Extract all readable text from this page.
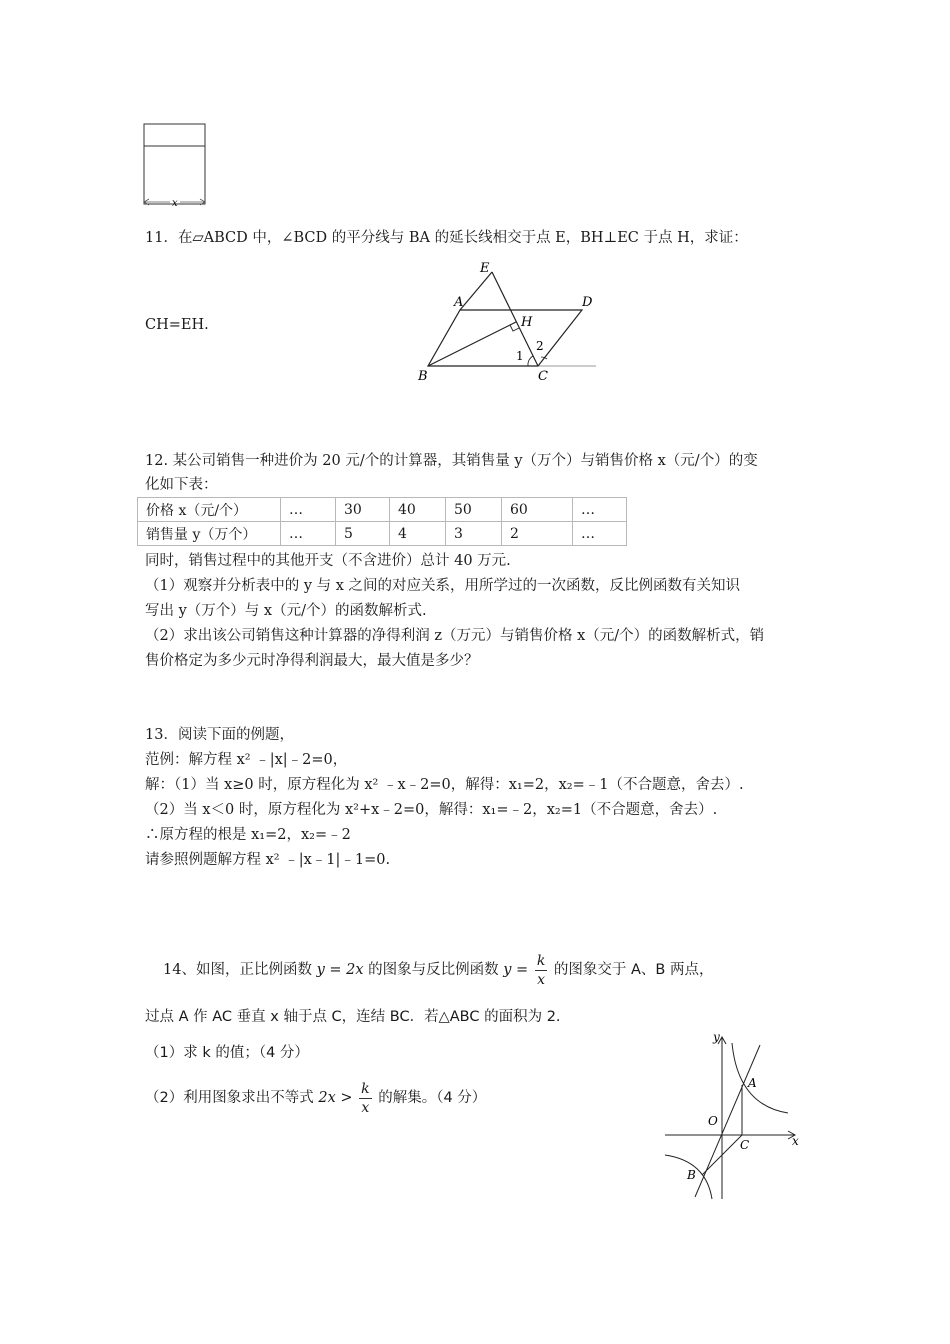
x
11．在▱ABCD 中，∠BCD 的平分线与 BA 的延长线相交于点 E，BH⊥EC 于点 H，求证：
CH=EH.
E
A	D
H
B	C
1
2
12. 某公司销售一种进价为 20 元/个的计算器，其销售量 y（万个）与销售价格 x（元/个）的变
化如下表：
价格 x（元/个）	…	30	40	50	60	…
销售量 y（万个）	…	5	4	3	2	…
同时，销售过程中的其他开支（不含进价）总计 40 万元.
（1）观察并分析表中的 y 与 x 之间的对应关系，用所学过的一次函数，反比例函数有关知识
写出 y（万个）与 x（元/个）的函数解析式.
（2）求出该公司销售这种计算器的净得利润 z（万元）与销售价格 x（元/个）的函数解析式，销
售价格定为多少元时净得利润最大，最大值是多少？
13．阅读下面的例题，
范例：解方程 x² ﹣|x|﹣2=0，
解：（1）当 x≥0 时，原方程化为 x² ﹣x﹣2=0，解得：x₁=2，x₂=﹣1（不合题意，舍去）.
（2）当 x＜0 时，原方程化为 x²+x﹣2=0，解得：x₁=﹣2，x₂=1（不合题意，舍去）.
∴原方程的根是 x₁=2，x₂=﹣2
请参照例题解方程 x² ﹣|x﹣1|﹣1=0.
14、如图，正比例函数 y = 2x 的图象与反比例函数 $y = \frac{k}{x}$ 的图象交于 A、B 两点，
过点 A 作 AC 垂直 x 轴于点 C，连结 BC．若△ABC 的面积为 2.
（1）求 k 的值；（4 分）
（2）利用图象求出不等式 $2x > \frac{k}{x}$ 的解集。（4 分）
y
x
O
A
C
B
